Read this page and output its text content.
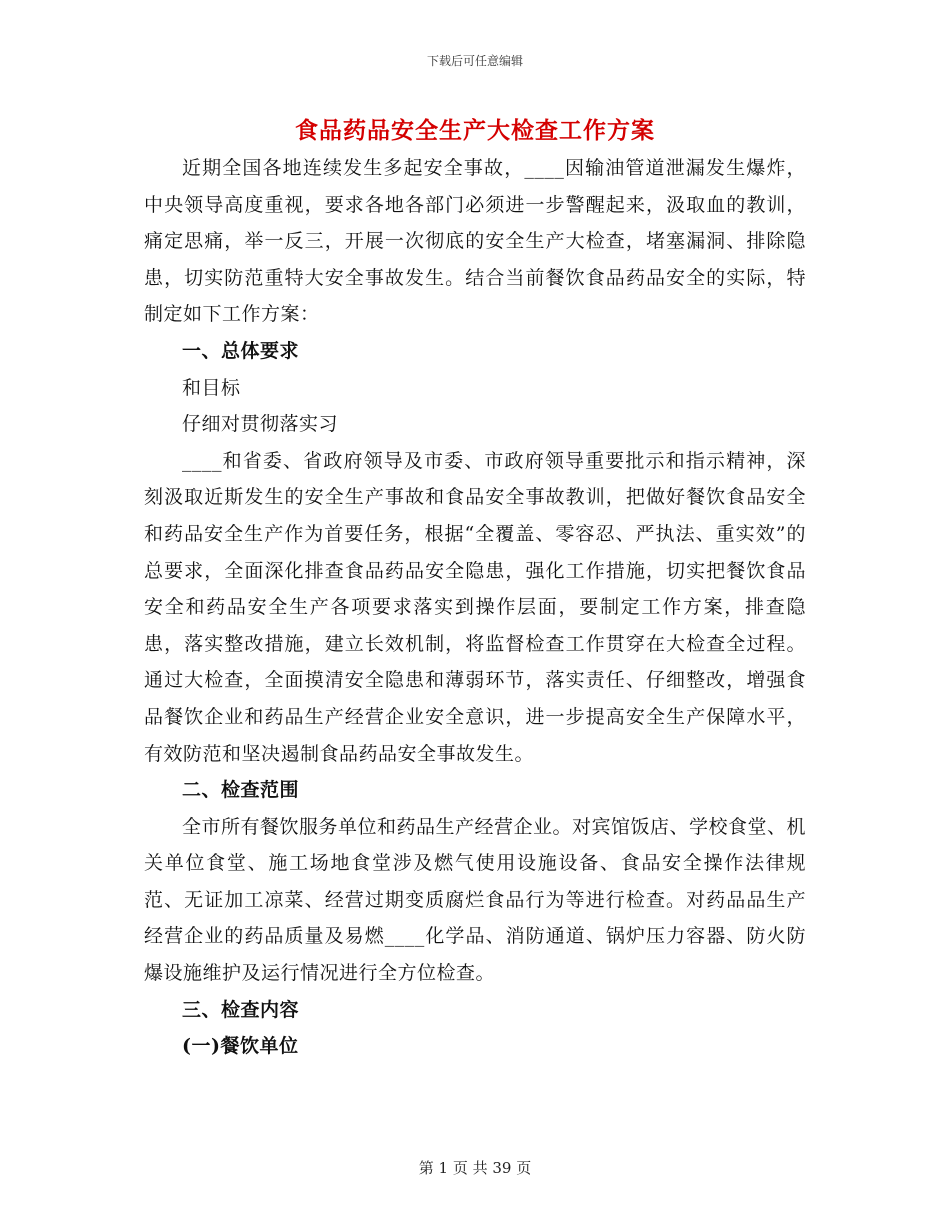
下载后可任意编辑
食品药品安全生产大检查工作方案

近期全国各地连续发生多起安全事故，____因输油管道泄漏发生爆炸，中央领导高度重视，要求各地各部门必须进一步警醒起来，汲取血的教训，痛定思痛，举一反三，开展一次彻底的安全生产大检查，堵塞漏洞、排除隐患，切实防范重特大安全事故发生。结合当前餐饮食品药品安全的实际，特制定如下工作方案：

一、总体要求

和目标

仔细对贯彻落实习

____和省委、省政府领导及市委、市政府领导重要批示和指示精神，深刻汲取近斯发生的安全生产事故和食品安全事故教训，把做好餐饮食品安全和药品安全生产作为首要任务，根据“全覆盖、零容忍、严执法、重实效”的总要求，全面深化排查食品药品安全隐患，强化工作措施，切实把餐饮食品安全和药品安全生产各项要求落实到操作层面，要制定工作方案，排查隐患，落实整改措施，建立长效机制，将监督检查工作贯穿在大检查全过程。通过大检查，全面摸清安全隐患和薄弱环节，落实责任、仔细整改，增强食品餐饮企业和药品生产经营企业安全意识，进一步提高安全生产保障水平，有效防范和坚决遏制食品药品安全事故发生。

二、检查范围

全市所有餐饮服务单位和药品生产经营企业。对宾馆饭店、学校食堂、机关单位食堂、施工场地食堂涉及燃气使用设施设备、食品安全操作法律规范、无证加工凉菜、经营过期变质腐烂食品行为等进行检查。对药品品生产经营企业的药品质量及易燃____化学品、消防通道、锅炉压力容器、防火防爆设施维护及运行情况进行全方位检查。

三、检查内容

(一)餐饮单位

第 1 页 共 39 页
